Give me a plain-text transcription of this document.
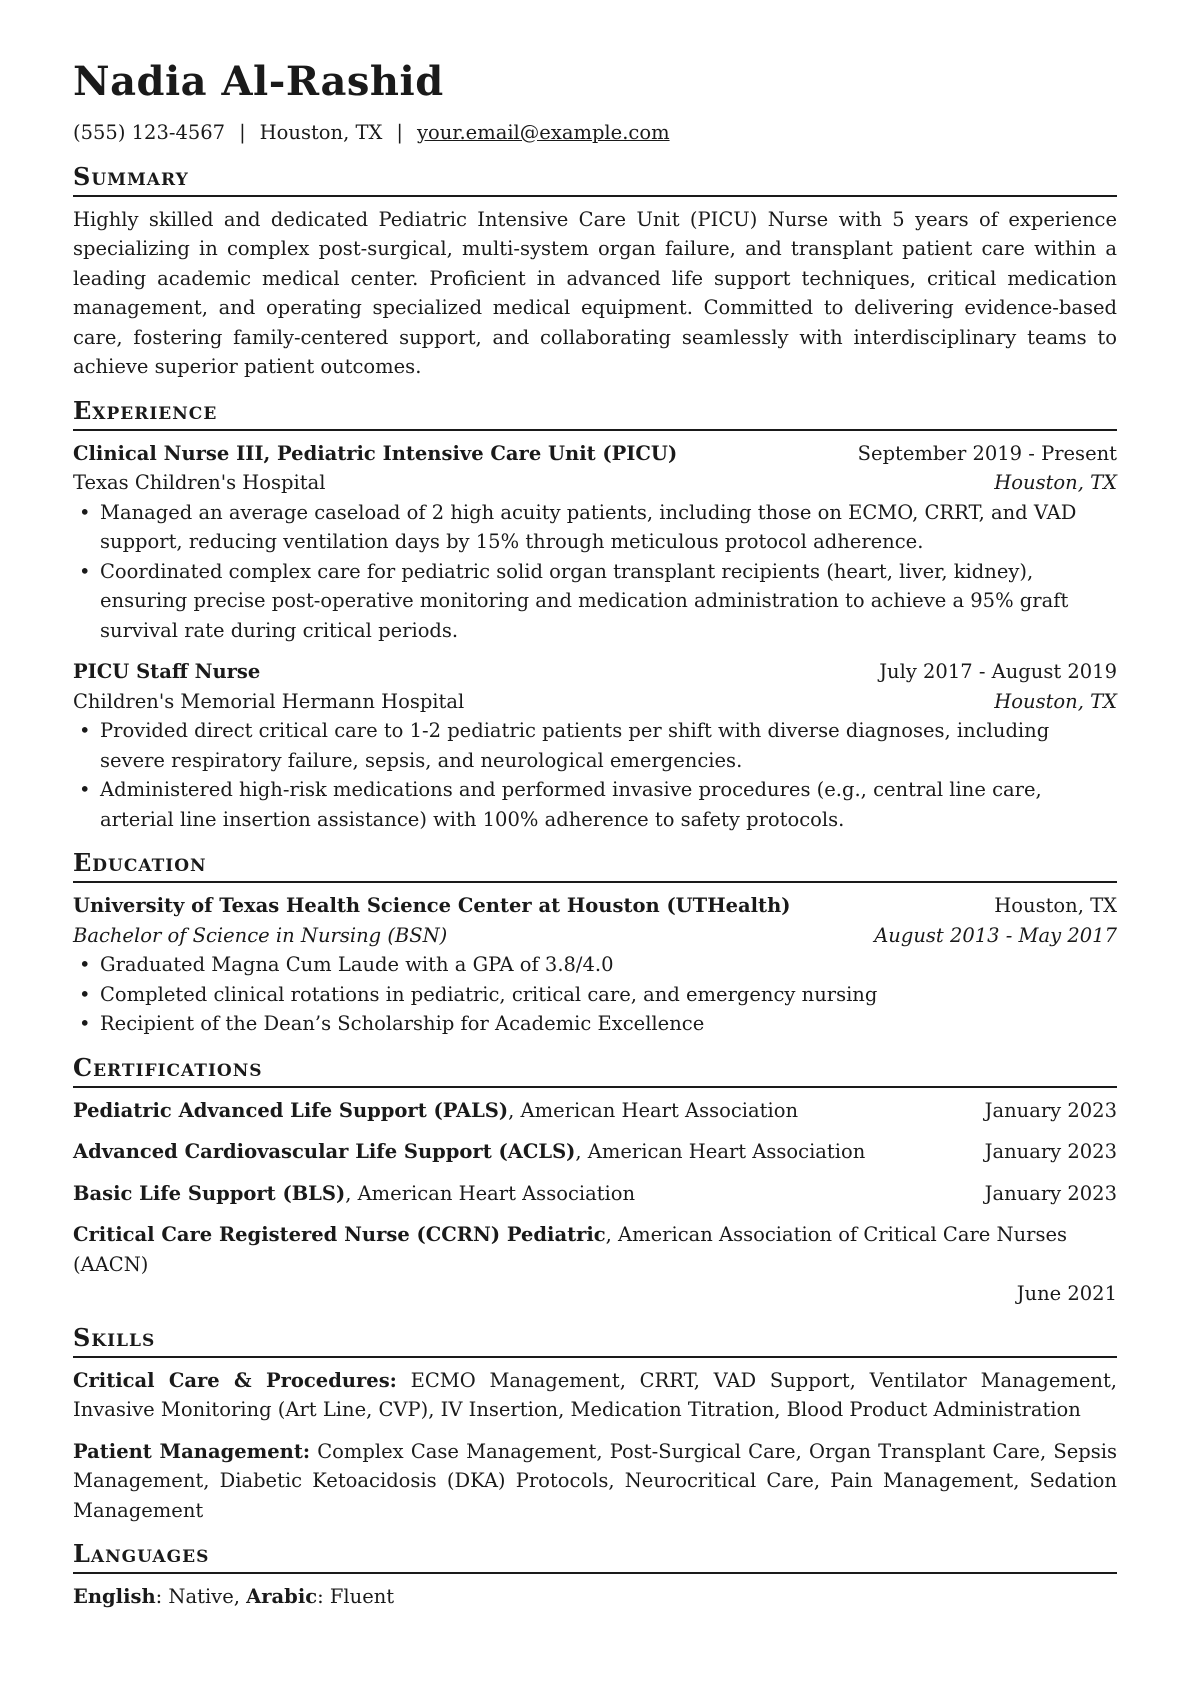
Nadia Al-Rashid
(555) 123-4567 | Houston, TX | your.email@example.com
Summary

Highly skilled and dedicated Pediatric Intensive Care Unit (PICU) Nurse with 5 years of experience specializing in complex post-surgical, multi-system organ failure, and transplant patient care within a leading academic medical center. Proficient in advanced life support techniques, critical medication management, and operating specialized medical equipment. Committed to delivering evidence-based care, fostering family-centered support, and collaborating seamlessly with interdisciplinary teams to achieve superior patient outcomes.

Experience
Clinical Nurse III, Pediatric Intensive Care Unit (PICU)	September 2019 - Present
Texas Children's Hospital	Houston, TX
• Managed an average caseload of 2 high acuity patients, including those on ECMO, CRRT, and VAD support, reducing ventilation days by 15% through meticulous protocol adherence.
• Coordinated complex care for pediatric solid organ transplant recipients (heart, liver, kidney), ensuring precise post-operative monitoring and medication administration to achieve a 95% graft survival rate during critical periods.
PICU Staff Nurse	July 2017 - August 2019
Children's Memorial Hermann Hospital	Houston, TX
• Provided direct critical care to 1-2 pediatric patients per shift with diverse diagnoses, including severe respiratory failure, sepsis, and neurological emergencies.
• Administered high-risk medications and performed invasive procedures (e.g., central line care, arterial line insertion assistance) with 100% adherence to safety protocols.
Education
University of Texas Health Science Center at Houston (UTHealth)	Houston, TX
Bachelor of Science in Nursing (BSN)	August 2013 - May 2017
• Graduated Magna Cum Laude with a GPA of 3.8/4.0
• Completed clinical rotations in pediatric, critical care, and emergency nursing
• Recipient of the Dean’s Scholarship for Academic Excellence
Certifications
Pediatric Advanced Life Support (PALS), American Heart Association	January 2023
Advanced Cardiovascular Life Support (ACLS), American Heart Association	January 2023
Basic Life Support (BLS), American Heart Association	January 2023
Critical Care Registered Nurse (CCRN) Pediatric, American Association of Critical Care Nurses (AACN)
June 2021
Skills

Critical Care & Procedures: ECMO Management, CRRT, VAD Support, Ventilator Management, Invasive Monitoring (Art Line, CVP), IV Insertion, Medication Titration, Blood Product Administration

Patient Management: Complex Case Management, Post-Surgical Care, Organ Transplant Care, Sepsis Management, Diabetic Ketoacidosis (DKA) Protocols, Neurocritical Care, Pain Management, Sedation Management

Languages

English: Native, Arabic: Fluent
